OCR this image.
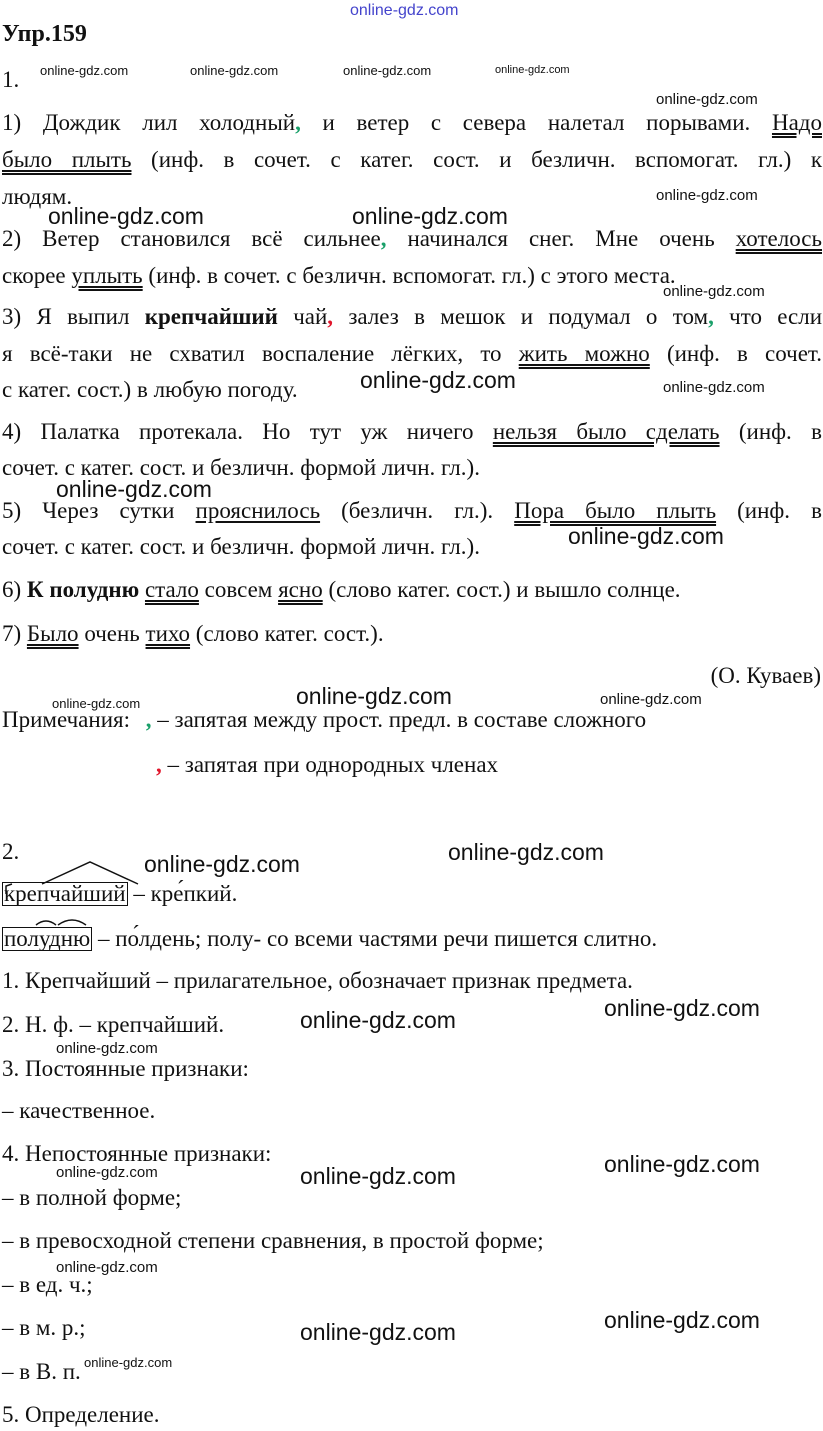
Упр.159
1.
1) Дождик лил холодный, и ветер с севера налетал порывами. Надо
было плыть (инф. в сочет. с катег. сост. и безличн. вспомогат. гл.) к
людям.
2) Ветер становился всё сильнее, начинался снег. Мне очень хотелось
скорее уплыть (инф. в сочет. с безличн. вспомогат. гл.) с этого места.
3) Я выпил крепчайший чай, залез в мешок и подумал о том, что если
я всё-таки не схватил воспаление лёгких, то жить можно (инф. в сочет.
с катег. сост.) в любую погоду.
4) Палатка протекала. Но тут уж ничего нельзя было сделать (инф. в
сочет. с катег. сост. и безличн. формой личн. гл.).
5) Через сутки прояснилось (безличн. гл.). Пора было плыть (инф. в
сочет. с катег. сост. и безличн. формой личн. гл.).
6) К полудню стало совсем ясно (слово катег. сост.) и вышло солнце.
7) Было очень тихо (слово катег. сост.).
(О. Куваев)
Примечания: , – запятая между прост. предл. в составе сложного
, – запятая при однородных членах
2.
крепчайший – кре́пкий.
полудню – по́лдень; полу- со всеми частями речи пишется слитно.
1. Крепчайший – прилагательное, обозначает признак предмета.
2. Н. ф. – крепчайший.
3. Постоянные признаки:
– качественное.
4. Непостоянные признаки:
– в полной форме;
– в превосходной степени сравнения, в простой форме;
– в ед. ч.;
– в м. р.;
– в В. п.
5. Определение.
online-gdz.com
online-gdz.com	online-gdz.com	online-gdz.com	online-gdz.com
online-gdz.com
online-gdz.com
online-gdz.com	online-gdz.com
online-gdz.com
online-gdz.com	online-gdz.com
online-gdz.com
online-gdz.com
online-gdz.com	online-gdz.com	online-gdz.com
online-gdz.com	online-gdz.com
online-gdz.com
online-gdz.com
online-gdz.com
online-gdz.com
online-gdz.com	online-gdz.com
online-gdz.com
online-gdz.com
online-gdz.com
online-gdz.com
